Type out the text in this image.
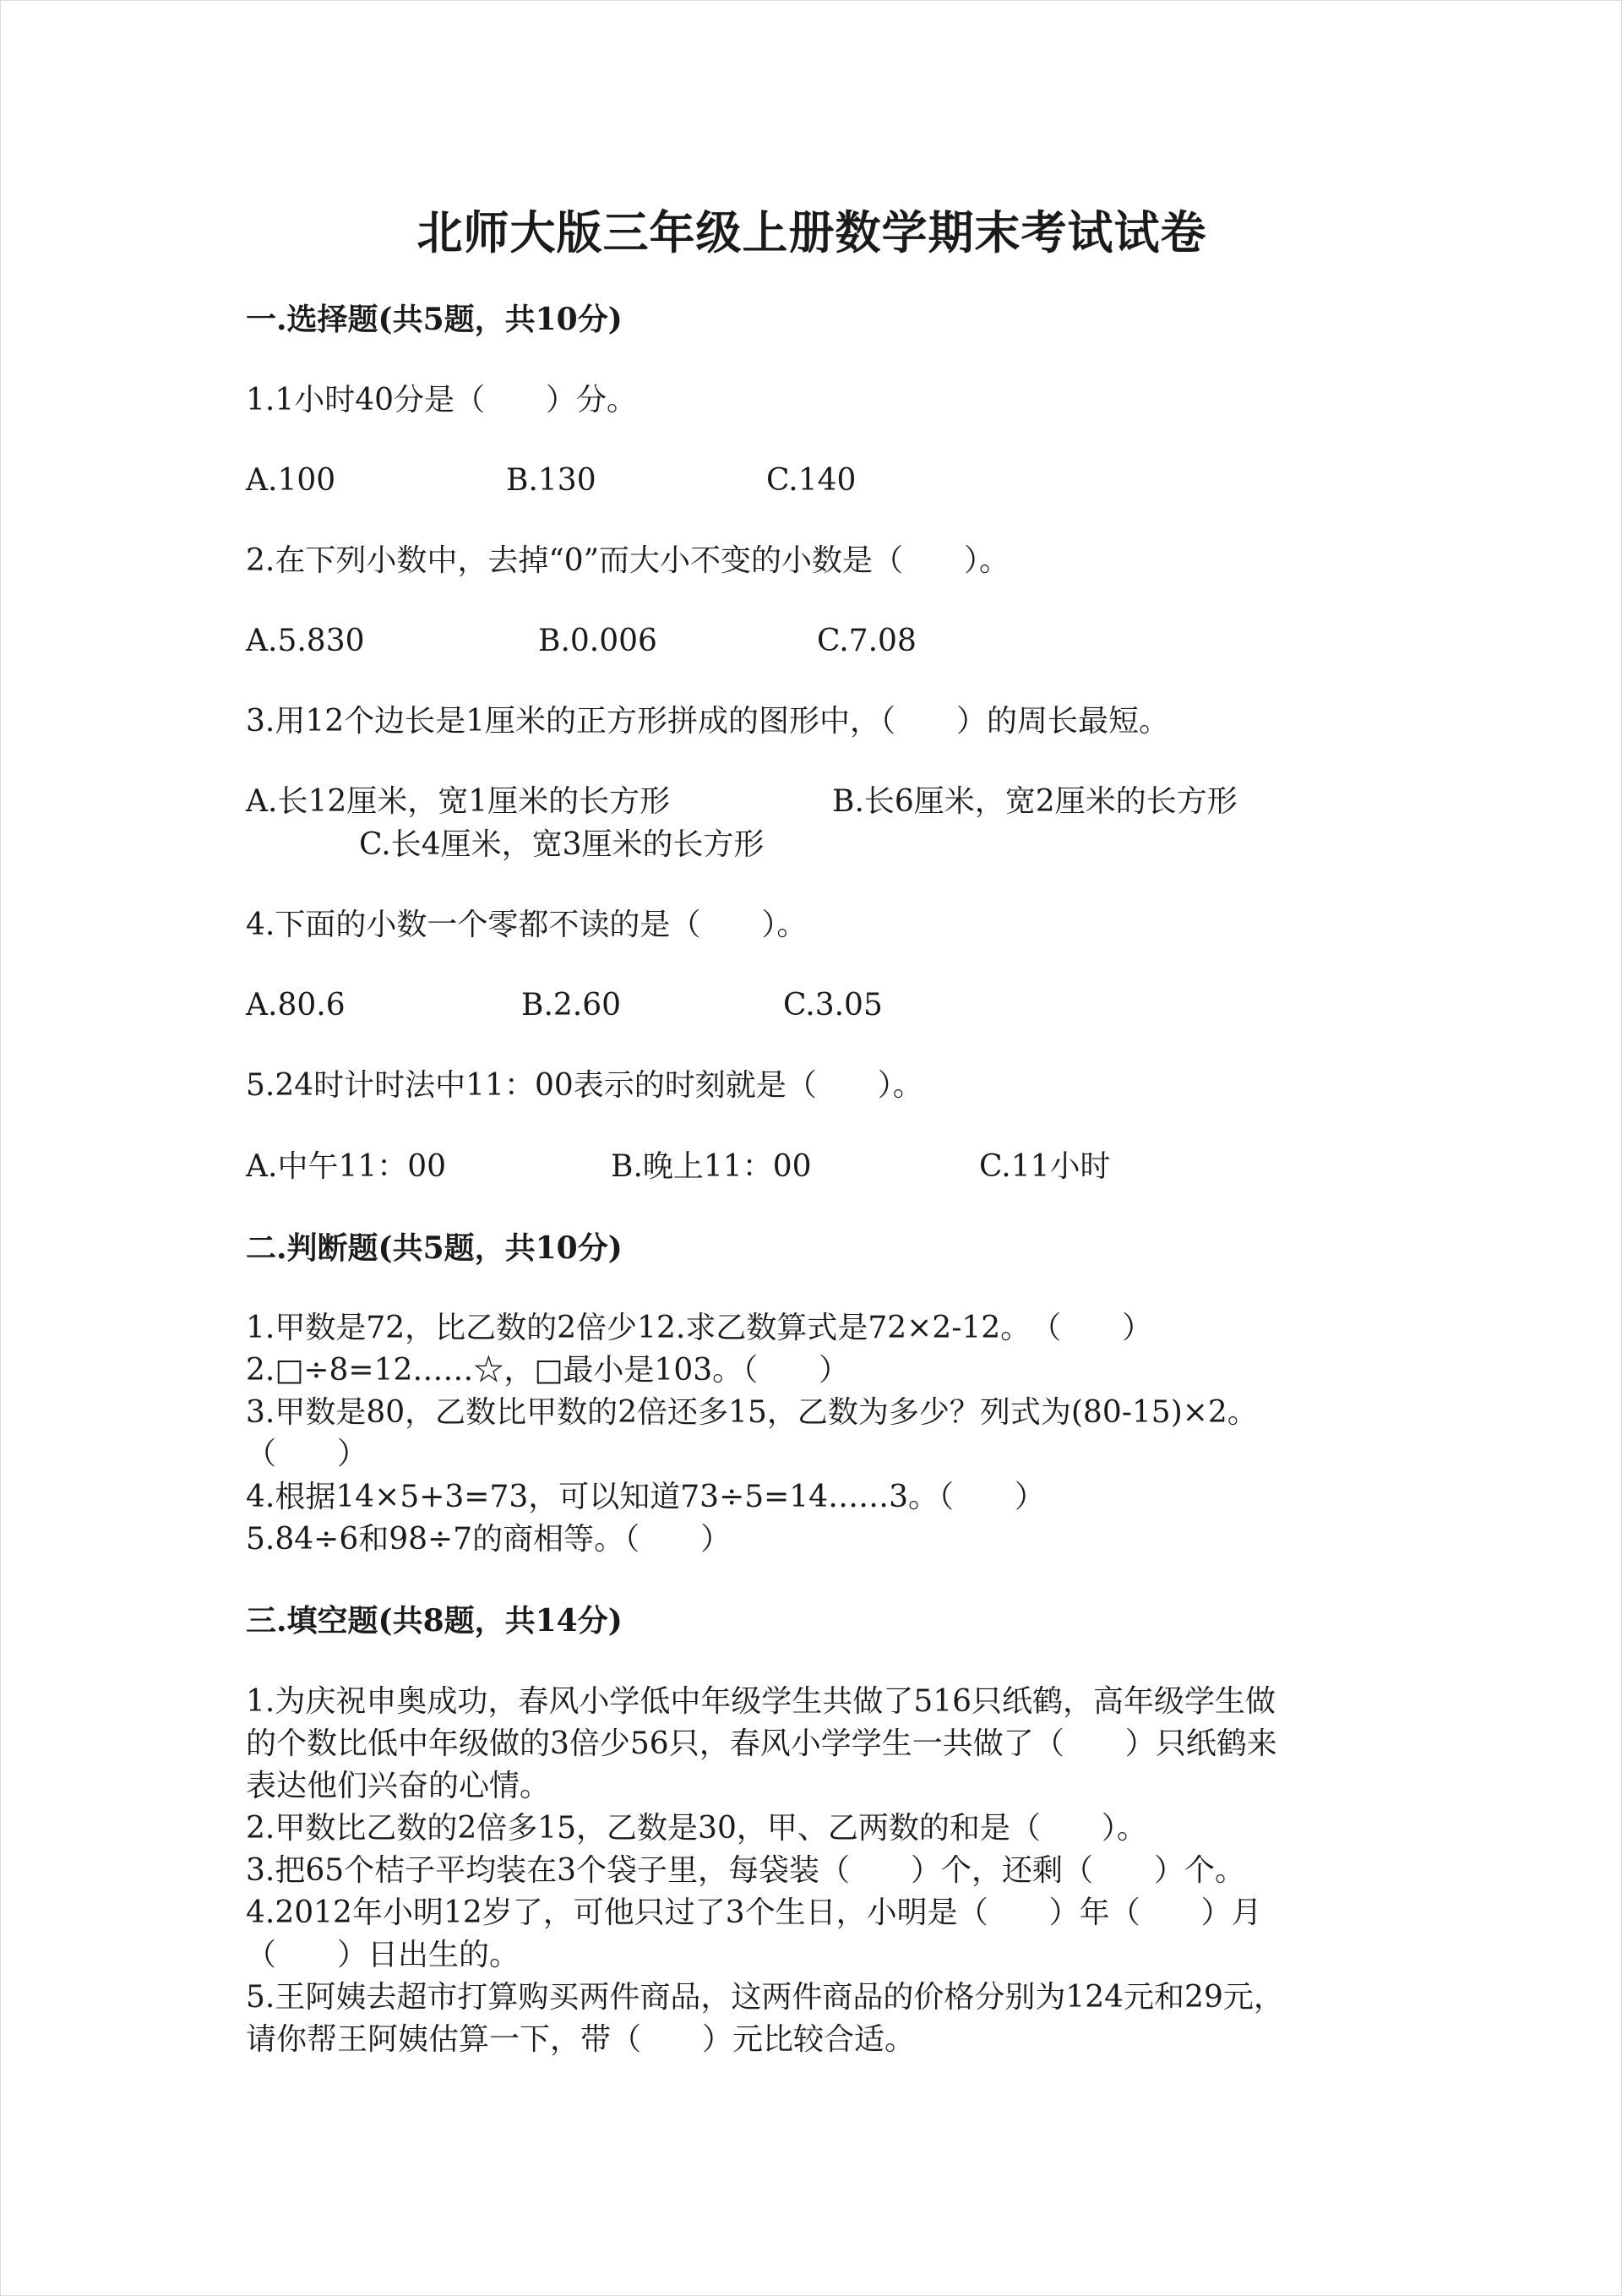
北师大版三年级上册数学期末考试试卷
一.选择题(共5题，共10分)
1.1小时40分是（　　）分。
A.100	B.130	C.140
2.在下列小数中，去掉“0”而大小不变的小数是（　　）。
A.5.830	B.0.006	C.7.08
3.用12个边长是1厘米的正方形拼成的图形中，（　　）的周长最短。
A.长12厘米，宽1厘米的长方形	B.长6厘米，宽2厘米的长方形
C.长4厘米，宽3厘米的长方形
4.下面的小数一个零都不读的是（　　）。
A.80.6	B.2.60	C.3.05
5.24时计时法中11：00表示的时刻就是（　　）。
A.中午11：00	B.晚上11：00	C.11小时
二.判断题(共5题，共10分)
1.甲数是72，比乙数的2倍少12.求乙数算式是72×2-12。　（　　）
2.□÷8=12……☆，□最小是103。（　　）
3.甲数是80，乙数比甲数的2倍还多15，乙数为多少？列式为(80-15)×2。
（　　）
4.根据14×5+3=73，可以知道73÷5=14……3。（　　）
5.84÷6和98÷7的商相等。（　　）
三.填空题(共8题，共14分)
1.为庆祝申奥成功，春风小学低中年级学生共做了516只纸鹤，高年级学生做
的个数比低中年级做的3倍少56只，春风小学学生一共做了（　　）只纸鹤来
表达他们兴奋的心情。
2.甲数比乙数的2倍多15，乙数是30，甲、乙两数的和是（　　）。
3.把65个桔子平均装在3个袋子里，每袋装（　　）个，还剩（　　）个。
4.2012年小明12岁了，可他只过了3个生日，小明是（　　）年（　　）月
（　　）日出生的。
5.王阿姨去超市打算购买两件商品，这两件商品的价格分别为124元和29元，
请你帮王阿姨估算一下，带（　　）元比较合适。
